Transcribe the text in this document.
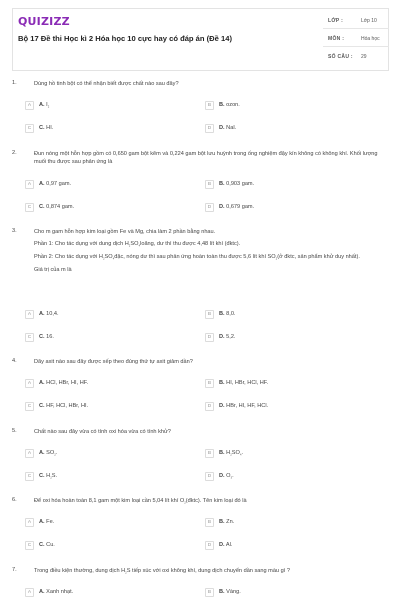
QUIZIZZ
Bộ 17 Đề thi Học kì 2 Hóa học 10 cực hay có đáp án (Đề 14)
LỚP :	Lớp 10
MÔN :	Hóa học
SỐ CÂU : 29
1.	Dùng hồ tinh bột có thể nhận biết được chất nào sau đây?

A	A. $I_{_2}$	B	B. ozon.
C	C. HI.	D	D. NaI.
2.	Đun nóng một hỗn hợp gồm có 0,650 gam bột kẽm và 0,224 gam bột lưu huỳnh trong ống nghiệm đậy kín không có không khí. Khối lượng muối thu được sau phản ứng là

A	A. 0,97 gam.	B	B. 0,903 gam.
C	C. 0,874 gam.	D	D. 0,679 gam.
3.	Cho m gam hỗn hợp kim loại gồm Fe và Mg, chia làm 2 phần bằng nhau.

Phần 1: Cho tác dụng với dung dịch $H_{_2}SO_{_4}loãng$, dư thì thu được 4,48 lít khí (đktc).

Phần 2: Cho tác dụng với $H_{_2}SO_{_4}đặc$, nóng dư thì sau phản ứng hoàn toàn thu được 5,6 lít khí $SO_{_2}(ở$ đktc, sản phẩm khử duy nhất).

Giá trị của m là

A	A. 10,4.	B	B. 8,0.
C	C. 16.	D	D. 5,2.
4.	Dãy axit nào sau đây được xếp theo đúng thứ tự axit giảm dần?

A	A. HCl, HBr, HI, HF.	B	B. HI, HBr, HCl, HF.
C	C. HF, HCl, HBr, HI.	D	D. HBr, HI, HF, HCl.
5.	Chất nào sau đây vừa có tính oxi hóa vừa có tính khử?

A	A. $SO_{_2}$.	B	B. $H_{_2}SO_{_4}$.
C	C. $H_{_2}S$.	D	D. $O_{_3}$.
6.	Để oxi hóa hoàn toàn 8,1 gam một kim loại cần 5,04 lít khí $O_{_2}(đktc)$. Tên kim loại đó là

A	A. Fe.	B	B. Zn.
C	C. Cu.	D	D. Al.
7.	Trong điều kiện thường, dung dịch $H_{_2}S$ tiếp xúc với oxi không khí, dung dịch chuyển dần sang màu gì ?

A	A. Xanh nhạt.	B	B. Vàng.
